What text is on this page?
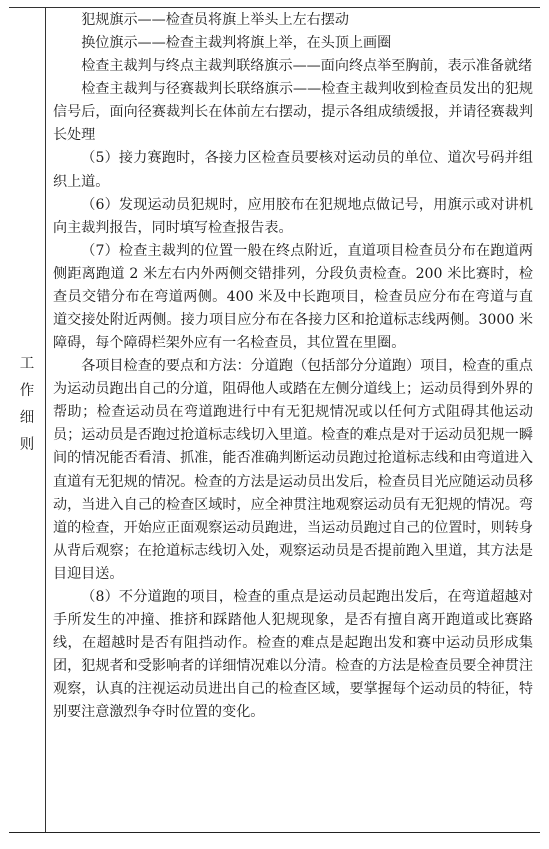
工
作
细
则

犯规旗示——检查员将旗上举头上左右摆动

换位旗示——检查主裁判将旗上举，在头顶上画圈

检查主裁判与终点主裁判联络旗示——面向终点举至胸前，表示准备就绪

检查主裁判与径赛裁判长联络旗示——检查主裁判收到检查员发出的犯规信号后，面向径赛裁判长在体前左右摆动，提示各组成绩缓报，并请径赛裁判长处理

（5）接力赛跑时，各接力区检查员要核对运动员的单位、道次号码并组织上道。

（6）发现运动员犯规时，应用胶布在犯规地点做记号，用旗示或对讲机向主裁判报告，同时填写检查报告表。

（7）检查主裁判的位置一般在终点附近，直道项目检查员分布在跑道两侧距离跑道 2 米左右内外两侧交错排列，分段负责检查。200 米比赛时，检查员交错分布在弯道两侧。400 米及中长跑项目，检查员应分布在弯道与直道交接处附近两侧。接力项目应分布在各接力区和抢道标志线两侧。3000 米障碍，每个障碍栏架外应有一名检查员，其位置在里圈。

各项目检查的要点和方法：分道跑（包括部分分道跑）项目，检查的重点为运动员跑出自己的分道，阻碍他人或踏在左侧分道线上；运动员得到外界的帮助；检查运动员在弯道跑进行中有无犯规情况或以任何方式阻碍其他运动员；运动员是否跑过抢道标志线切入里道。检查的难点是对于运动员犯规一瞬间的情况能否看清、抓准，能否准确判断运动员跑过抢道标志线和由弯道进入直道有无犯规的情况。检查的方法是运动员出发后，检查员目光应随运动员移动，当进入自己的检查区域时，应全神贯注地观察运动员有无犯规的情况。弯道的检查，开始应正面观察运动员跑进，当运动员跑过自己的位置时，则转身从背后观察；在抢道标志线切入处，观察运动员是否提前跑入里道，其方法是目迎目送。

（8）不分道跑的项目，检查的重点是运动员起跑出发后，在弯道超越对手所发生的冲撞、推挤和踩踏他人犯规现象，是否有擅自离开跑道或比赛路线，在超越时是否有阻挡动作。检查的难点是起跑出发和赛中运动员形成集团，犯规者和受影响者的详细情况难以分清。检查的方法是检查员要全神贯注观察，认真的注视运动员进出自己的检查区域，要掌握每个运动员的特征，特别要注意激烈争夺时位置的变化。
